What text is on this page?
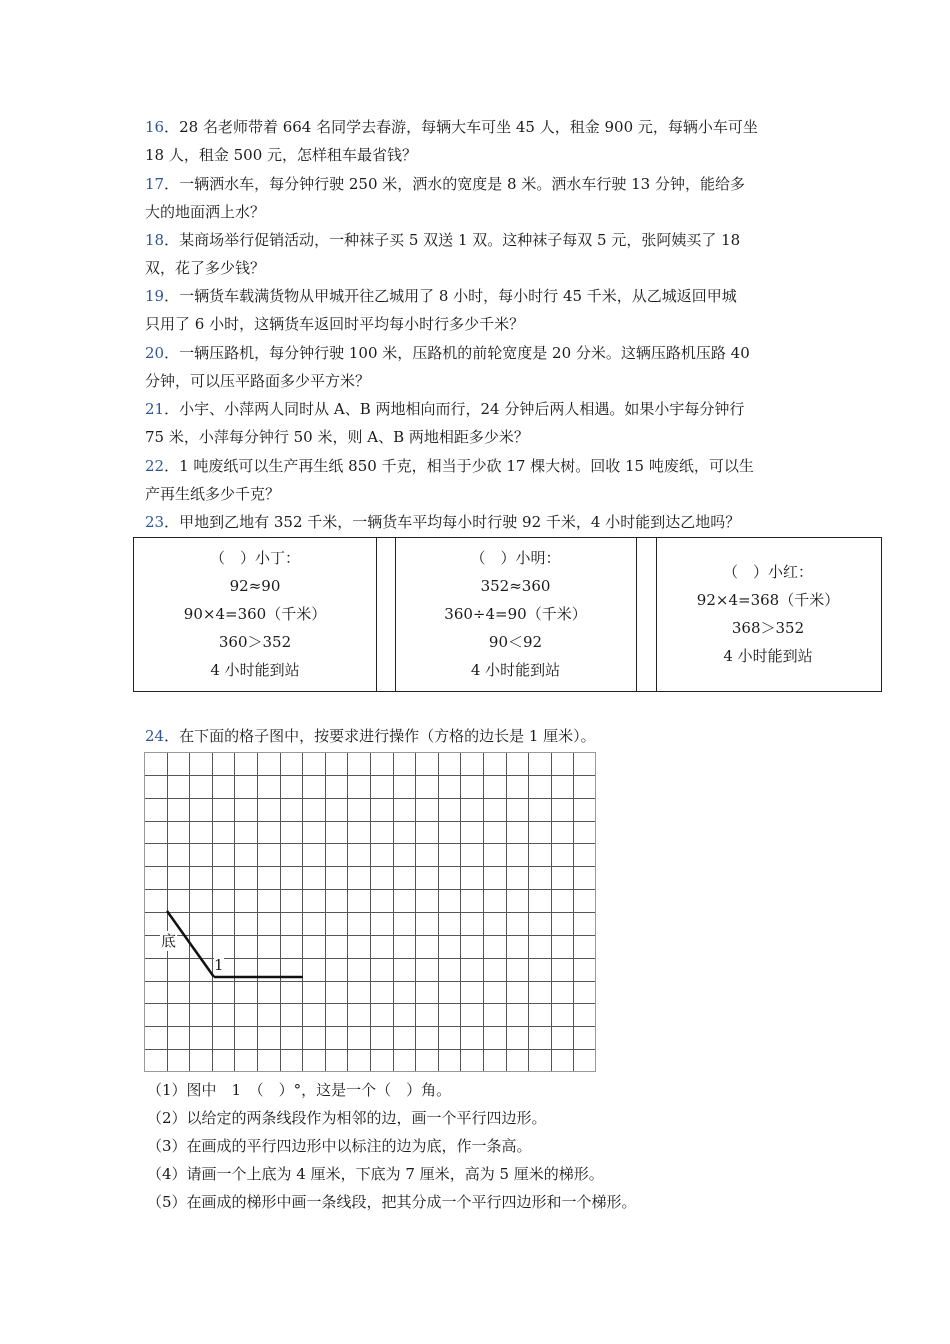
16．28 名老师带着 664 名同学去春游，每辆大车可坐 45 人，租金 900 元，每辆小车可坐
18 人，租金 500 元，怎样租车最省钱？
17．一辆洒水车，每分钟行驶 250 米，洒水的宽度是 8 米。洒水车行驶 13 分钟，能给多
大的地面洒上水？
18．某商场举行促销活动，一种袜子买 5 双送 1 双。这种袜子每双 5 元，张阿姨买了 18
双，花了多少钱？
19．一辆货车载满货物从甲城开往乙城用了 8 小时，每小时行 45 千米，从乙城返回甲城
只用了 6 小时，这辆货车返回时平均每小时行多少千米？
20．一辆压路机，每分钟行驶 100 米，压路机的前轮宽度是 20 分米。这辆压路机压路 40
分钟，可以压平路面多少平方米？
21．小宇、小萍两人同时从 A、B 两地相向而行，24 分钟后两人相遇。如果小宇每分钟行
75 米，小萍每分钟行 50 米，则 A、B 两地相距多少米？
22．1 吨废纸可以生产再生纸 850 千克，相当于少砍 17 棵大树。回收 15 吨废纸，可以生
产再生纸多少千克？
23．甲地到乙地有 352 千米，一辆货车平均每小时行驶 92 千米，4 小时能到达乙地吗？
（　）小丁：
92≈90
90×4=360（千米）
360＞352
4 小时能到站
（　）小明：
352≈360
360÷4=90（千米）
90＜92
4 小时能到站
（　）小红：
92×4=368（千米）
368＞352
4 小时能到站
24．在下面的格子图中，按要求进行操作（方格的边长是 1 厘米）。
底
1
（1）图中　1　（　）°，这是一个（　）角。
（2）以给定的两条线段作为相邻的边，画一个平行四边形。
（3）在画成的平行四边形中以标注的边为底，作一条高。
（4）请画一个上底为 4 厘米，下底为 7 厘米，高为 5 厘米的梯形。
（5）在画成的梯形中画一条线段，把其分成一个平行四边形和一个梯形。
